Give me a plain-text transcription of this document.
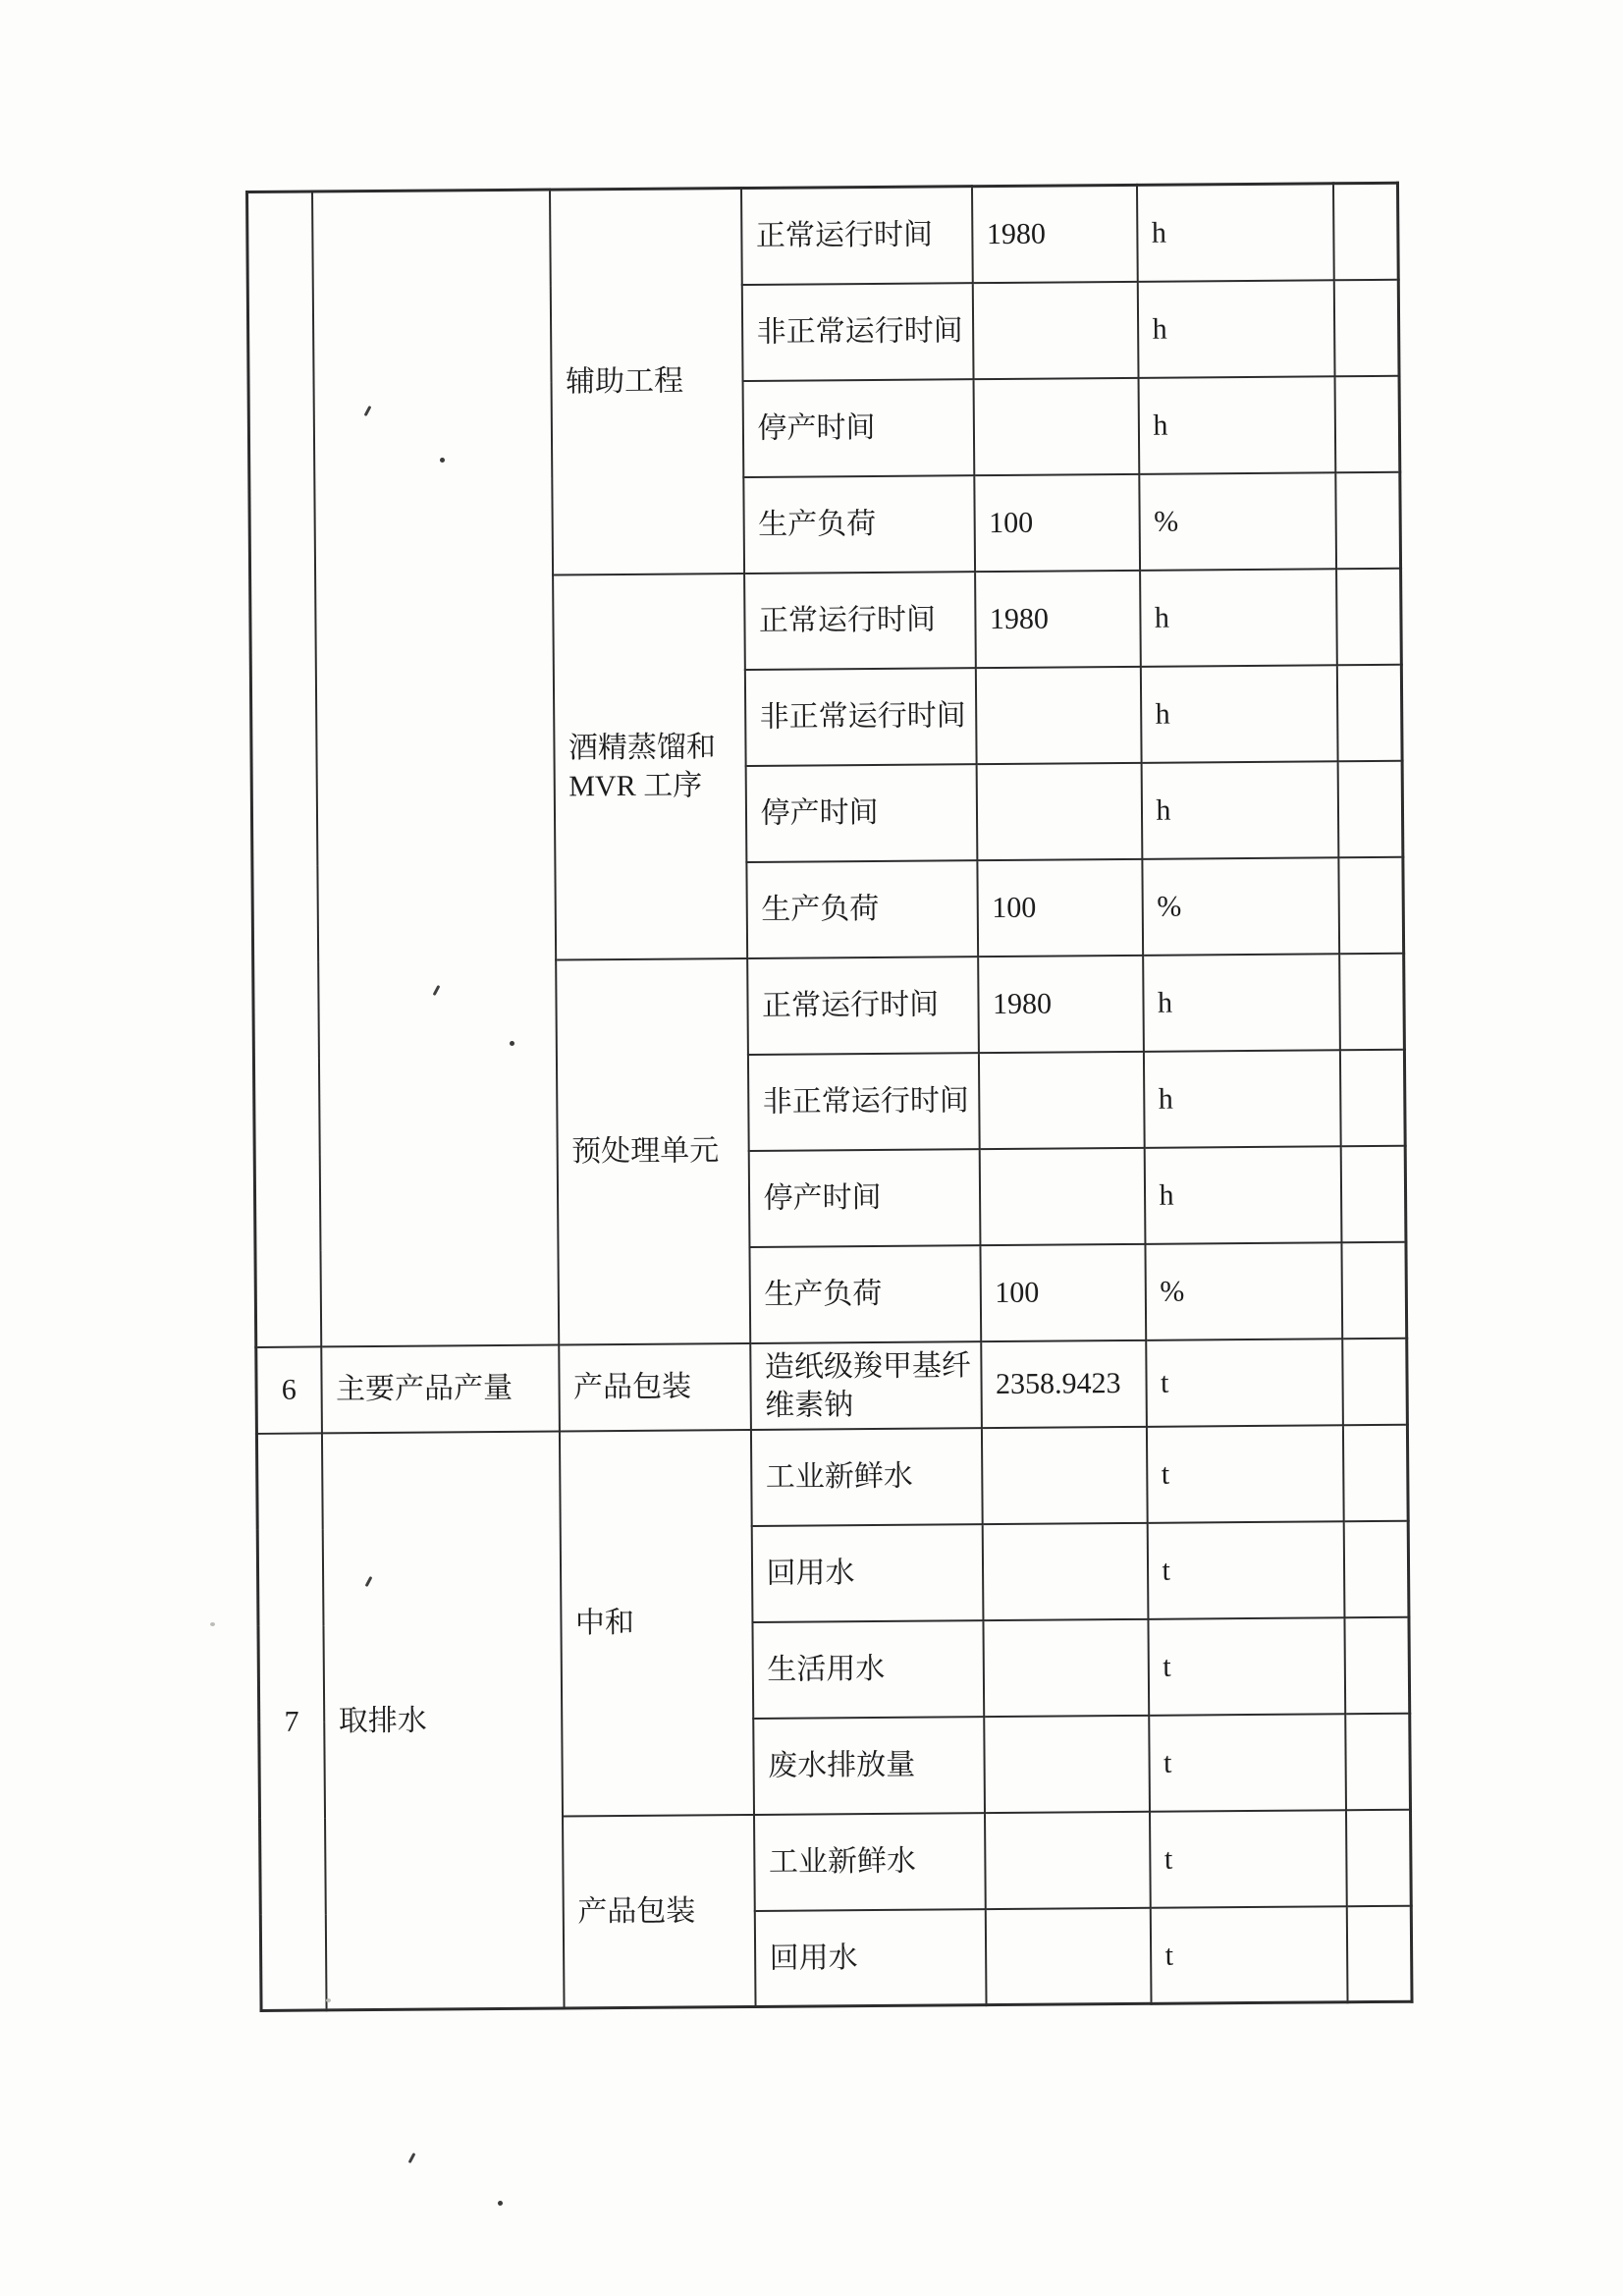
		辅助工程	正常运行时间	1980	h	
			非正常运行时间		h	
			停产时间		h	
			生产负荷	100	%	
		酒精蒸馏和MVR 工序	正常运行时间	1980	h	
			非正常运行时间		h	
			停产时间		h	
			生产负荷	100	%	
		预处理单元	正常运行时间	1980	h	
			非正常运行时间		h	
			停产时间		h	
			生产负荷	100	%	
6	主要产品产量	产品包装	造纸级羧甲基纤维素钠	2358.9423	t	
7	取排水	中和	工业新鲜水		t	
			回用水		t	
			生活用水		t	
			废水排放量		t	
		产品包装	工业新鲜水		t	
			回用水		t	
